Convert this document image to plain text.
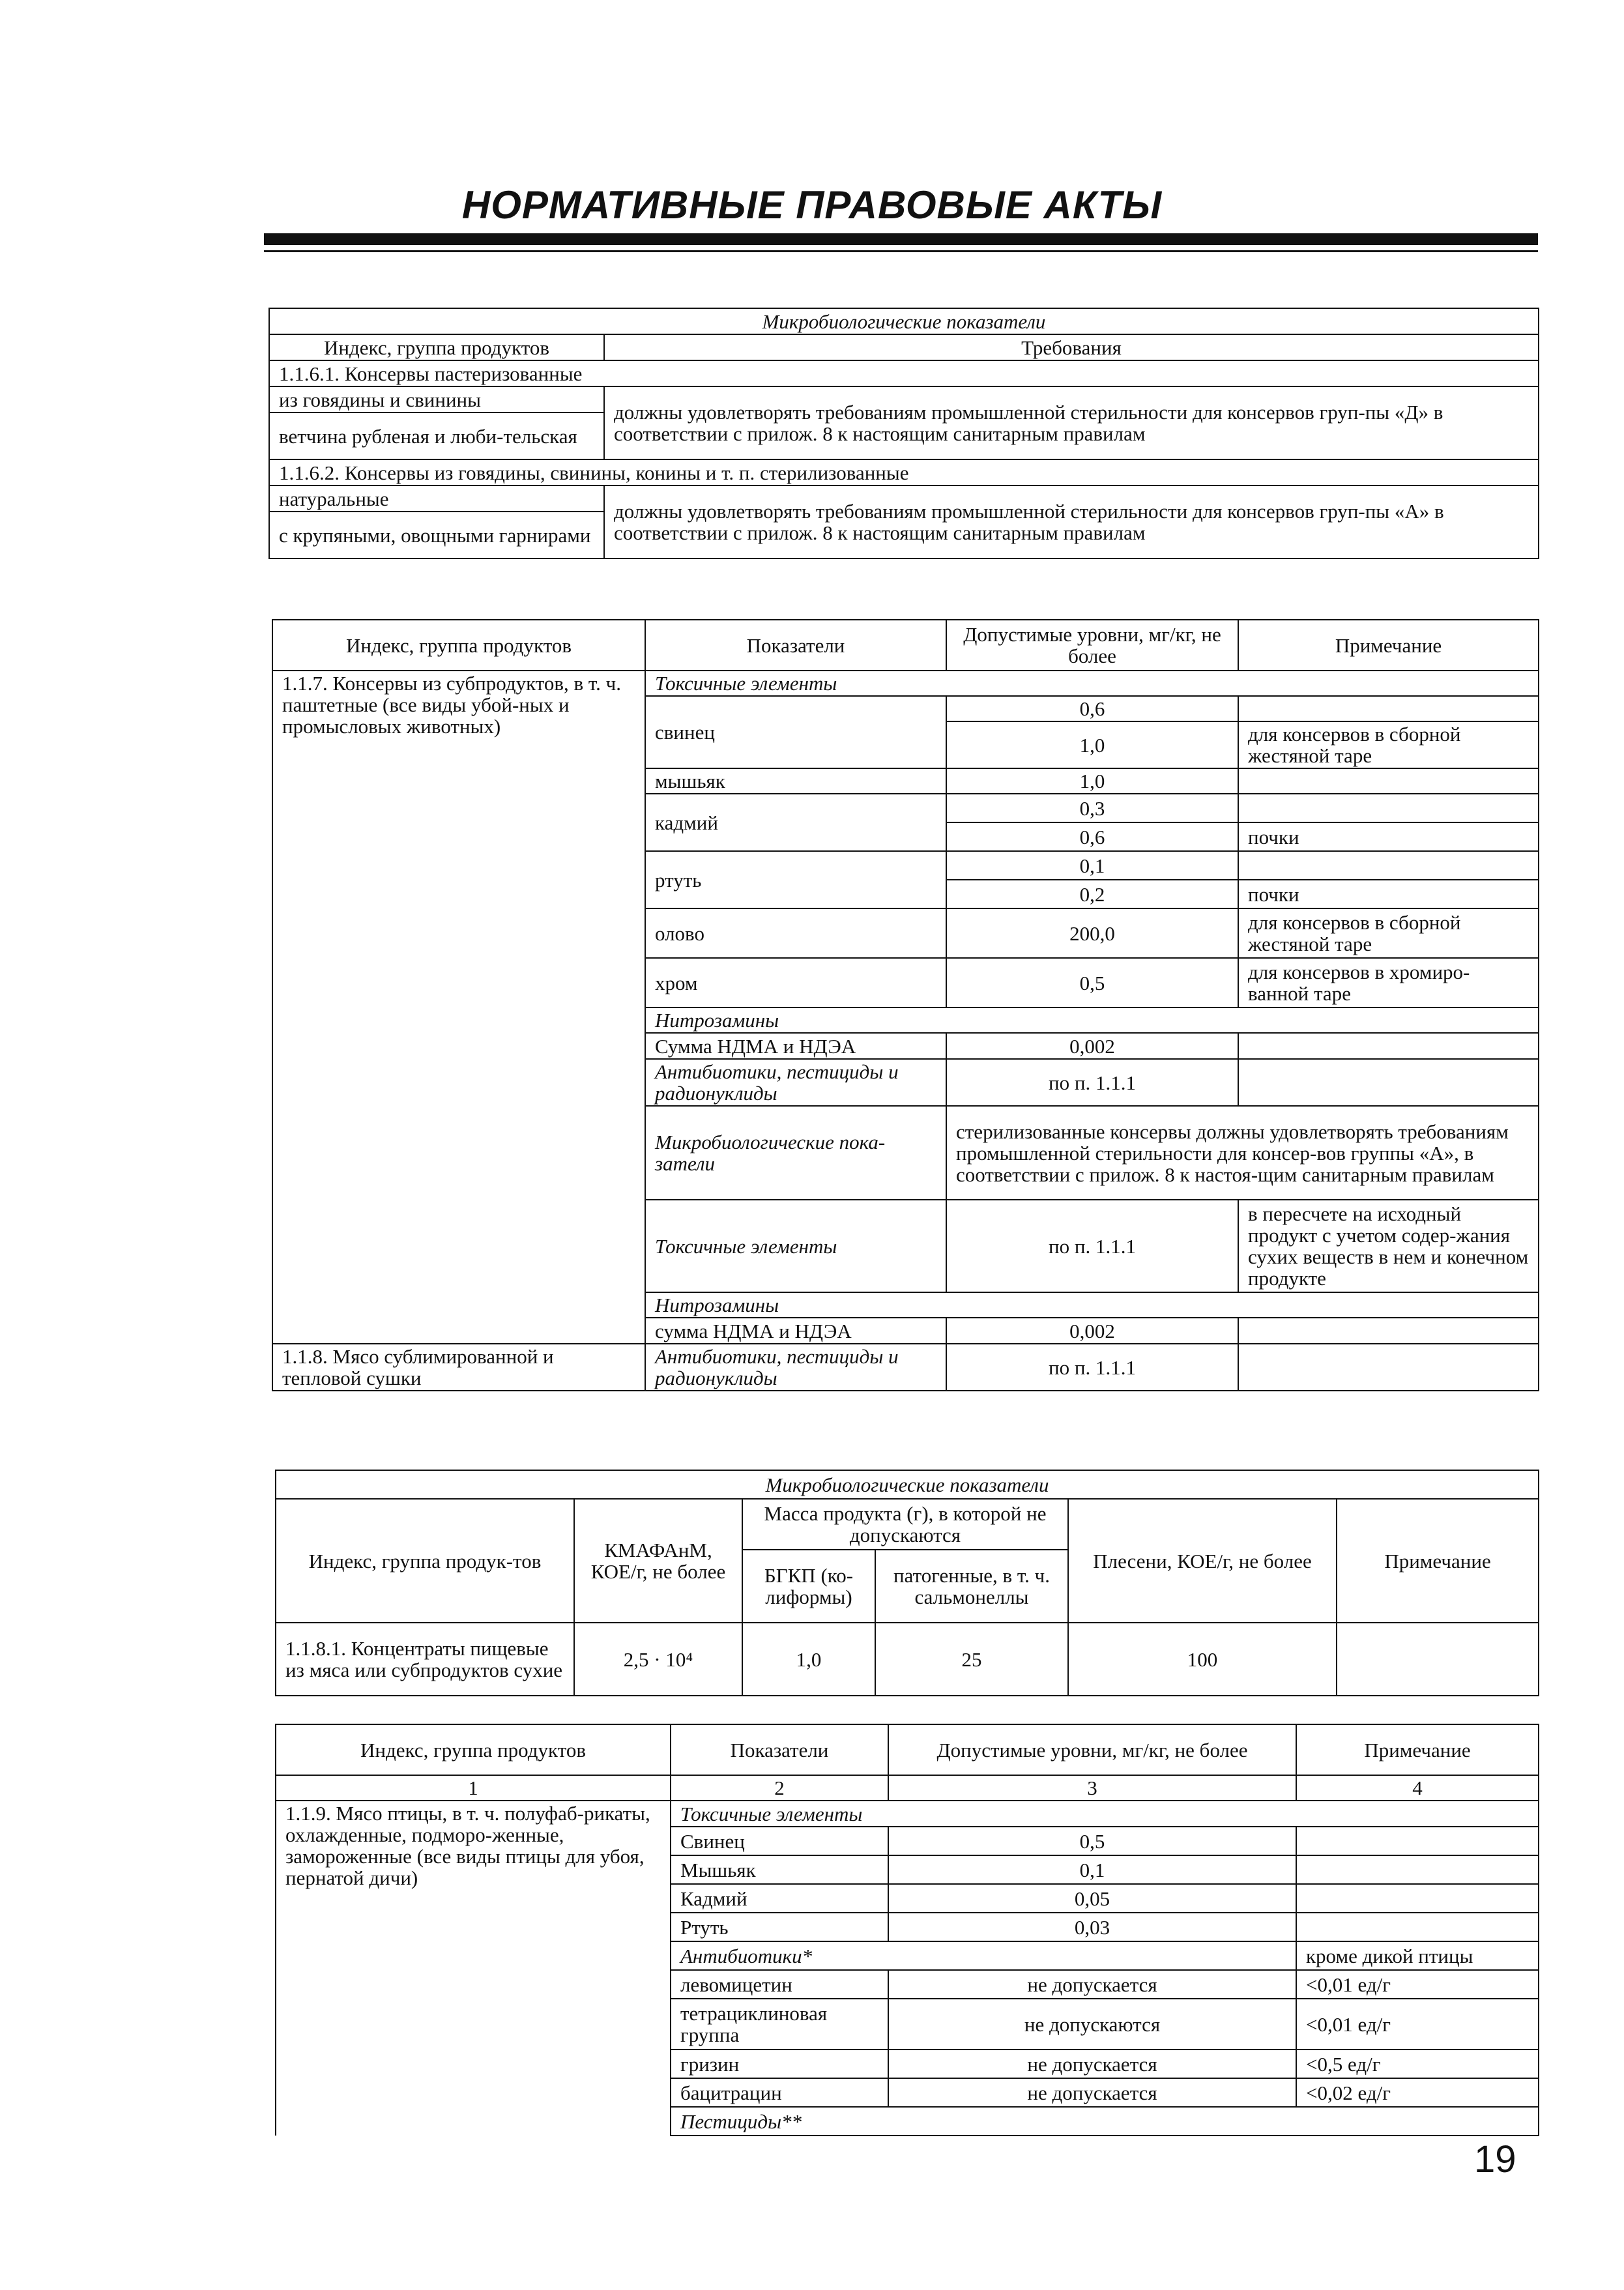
НОРМАТИВНЫЕ ПРАВОВЫЕ АКТЫ
Микробиологические показатели	
Индекс, группа продуктов	Требования
1.1.6.1. Консервы пастеризованные	
из говядины и свинины	должны удовлетворять требованиям промышленной стерильности для консервов груп-пы «Д» в соответствии с прилож. 8 к настоящим санитарным правилам
ветчина рубленая и люби-тельская	
1.1.6.2. Консервы из говядины, свинины, конины и т. п. стерилизованные	
натуральные	должны удовлетворять требованиям промышленной стерильности для консервов груп-пы «А» в соответствии с прилож. 8 к настоящим санитарным правилам
с крупяными, овощными гарнирами	
Индекс, группа продуктов	Показатели	Допустимые уровни, мг/кг, не более	Примечание
1.1.7. Консервы из субпродуктов, в т. ч. паштетные (все виды убой-ных и промысловых животных)	Токсичные элементы		
	свинец	0,6	
		1,0	для консервов в сборной жестяной таре
	мышьяк	1,0	
	кадмий	0,3	
		0,6	почки
	ртуть	0,1	
		0,2	почки
	олово	200,0	для консервов в сборной жестяной таре
	хром	0,5	для консервов в хромиро-ванной таре
	Нитрозамины		
	Сумма НДМА и НДЭА	0,002	
	Антибиотики, пестициды и радионуклиды	по п. 1.1.1	
	Микробиологические пока-затели	стерилизованные консервы должны удовлетворять требованиям промышленной стерильности для консер-вов группы «А», в соответствии с прилож. 8 к настоя-щим санитарным правилам	
	Токсичные элементы	по п. 1.1.1	в пересчете на исходный продукт с учетом содер-жания сухих веществ в нем и конечном продукте
	Нитрозамины		
	сумма НДМА и НДЭА	0,002	
1.1.8. Мясо сублимированной и тепловой сушки	Антибиотики, пестициды и радионуклиды	по п. 1.1.1	
Микробиологические показатели					
Индекс, группа продук-тов	КМАФАнМ, КОЕ/г, не более	Масса продукта (г), в которой не допускаются		Плесени, КОЕ/г, не более	Примечание
		БГКП (ко-лиформы)	патогенные, в т. ч. сальмонеллы		
1.1.8.1. Концентраты пищевые из мяса или субпродуктов сухие	2,5 · 10⁴	1,0	25	100	
Индекс, группа продуктов	Показатели	Допустимые уровни, мг/кг, не более	Примечание
1	2	3	4
1.1.9. Мясо птицы, в т. ч. полуфаб-рикаты, охлажденные, подморо-женные, замороженные (все виды птицы для убоя, пернатой дичи)	Токсичные элементы		
	Свинец	0,5	
	Мышьяк	0,1	
	Кадмий	0,05	
	Ртуть	0,03	
	Антибиотики*		кроме дикой птицы
	левомицетин	не допускается	<0,01 ед/г
	тетрациклиновая группа	не допускаются	<0,01 ед/г
	гризин	не допускается	<0,5 ед/г
	бацитрацин	не допускается	<0,02 ед/г
	Пестициды**		
19
